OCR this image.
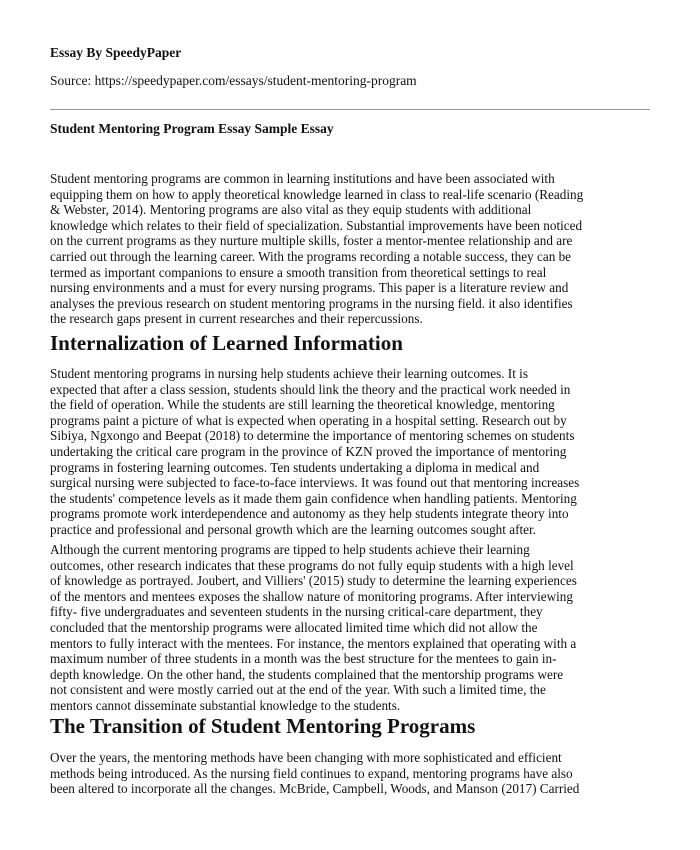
Essay By SpeedyPaper
Source: https://speedypaper.com/essays/student-mentoring-program
Student Mentoring Program Essay Sample Essay

Student mentoring programs are common in learning institutions and have been associated with
equipping them on how to apply theoretical knowledge learned in class to real-life scenario (Reading
& Webster, 2014). Mentoring programs are also vital as they equip students with additional
knowledge which relates to their field of specialization. Substantial improvements have been noticed
on the current programs as they nurture multiple skills, foster a mentor-mentee relationship and are
carried out through the learning career. With the programs recording a notable success, they can be
termed as important companions to ensure a smooth transition from theoretical settings to real
nursing environments and a must for every nursing programs. This paper is a literature review and
analyses the previous research on student mentoring programs in the nursing field. it also identifies
the research gaps present in current researches and their repercussions.

Internalization of Learned Information

Student mentoring programs in nursing help students achieve their learning outcomes. It is
expected that after a class session, students should link the theory and the practical work needed in
the field of operation. While the students are still learning the theoretical knowledge, mentoring
programs paint a picture of what is expected when operating in a hospital setting. Research out by
Sibiya, Ngxongo and Beepat (2018) to determine the importance of mentoring schemes on students
undertaking the critical care program in the province of KZN proved the importance of mentoring
programs in fostering learning outcomes. Ten students undertaking a diploma in medical and
surgical nursing were subjected to face-to-face interviews. It was found out that mentoring increases
the students' competence levels as it made them gain confidence when handling patients. Mentoring
programs promote work interdependence and autonomy as they help students integrate theory into
practice and professional and personal growth which are the learning outcomes sought after.

Although the current mentoring programs are tipped to help students achieve their learning
outcomes, other research indicates that these programs do not fully equip students with a high level
of knowledge as portrayed. Joubert, and Villiers' (2015) study to determine the learning experiences
of the mentors and mentees exposes the shallow nature of monitoring programs. After interviewing
fifty- five undergraduates and seventeen students in the nursing critical-care department, they
concluded that the mentorship programs were allocated limited time which did not allow the
mentors to fully interact with the mentees. For instance, the mentors explained that operating with a
maximum number of three students in a month was the best structure for the mentees to gain in-
depth knowledge. On the other hand, the students complained that the mentorship programs were
not consistent and were mostly carried out at the end of the year. With such a limited time, the
mentors cannot disseminate substantial knowledge to the students.

The Transition of Student Mentoring Programs

Over the years, the mentoring methods have been changing with more sophisticated and efficient
methods being introduced. As the nursing field continues to expand, mentoring programs have also
been altered to incorporate all the changes. McBride, Campbell, Woods, and Manson (2017) Carried
